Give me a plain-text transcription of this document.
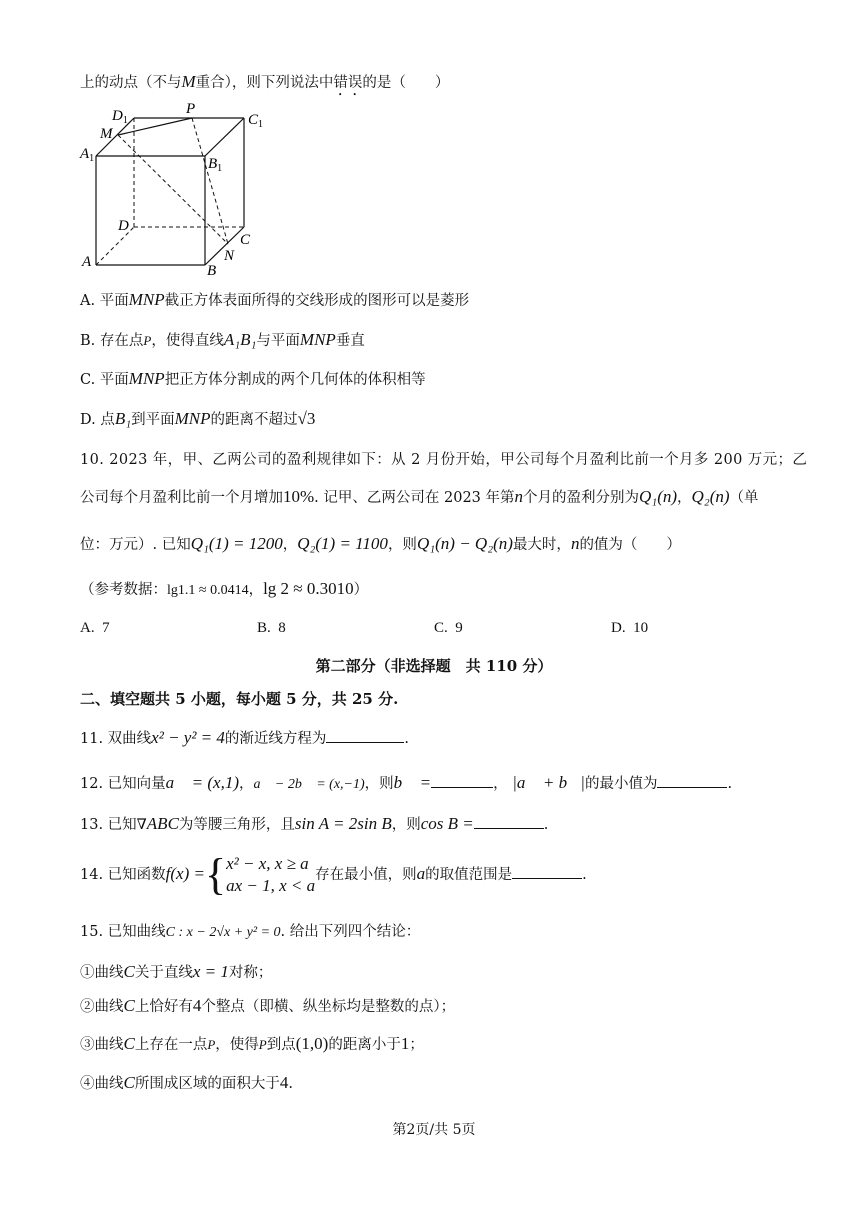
上的动点（不与M重合），则下列说法中错误的是（　　）
$D_1$
P
$C_1$
M
$A_1$	$B_1$
D
C
N
A
B
A. 平面MNP截正方体表面所得的交线形成的图形可以是菱形
B. 存在点P，使得直线A₁B₁与平面MNP垂直
C. 平面MNP把正方体分割成的两个几何体的体积相等
D. 点B₁到平面MNP的距离不超过√3
10. 2023 年，甲、乙两公司的盈利规律如下：从 2 月份开始，甲公司每个月盈利比前一个月多 200 万元；乙
公司每个月盈利比前一个月增加10%. 记甲、乙两公司在 2023 年第n个月的盈利分别为Q₁(n)，Q₂(n)（单
位：万元）. 已知Q₁(1) = 1200，Q₂(1) = 1100，则Q₁(n) − Q₂(n)最大时，n的值为（　　）
（参考数据：lg1.1 ≈ 0.0414，lg 2 ≈ 0.3010）
A. 7	B. 8	C. 9	D. 10
第二部分（非选择题　共 110 分）
二、填空题共 5 小题，每小题 5 分，共 25 分.
11. 双曲线x² − y² = 4的渐近线方程为	.
12. 已知向量a⃗ = (x,1)，a⃗ − 2b⃗ = (x,−1)，则b⃗ =	， |a⃗ + b⃗|的最小值为	.
13. 已知∇ABC为等腰三角形，且sin A = 2sin B，则cos B =	.
14. 已知函数f(x) ={x² − x, x ≥ a
ax − 1, x < a存在最小值，则a的取值范围是	.
15. 已知曲线C : x − 2√x + y² = 0. 给出下列四个结论：
①曲线C关于直线x = 1对称；
②曲线C上恰好有4个整点（即横、纵坐标均是整数的点）；
③曲线C上存在一点P，使得P到点(1,0)的距离小于1；
④曲线C所围成区域的面积大于4.
第2页/共 5页
